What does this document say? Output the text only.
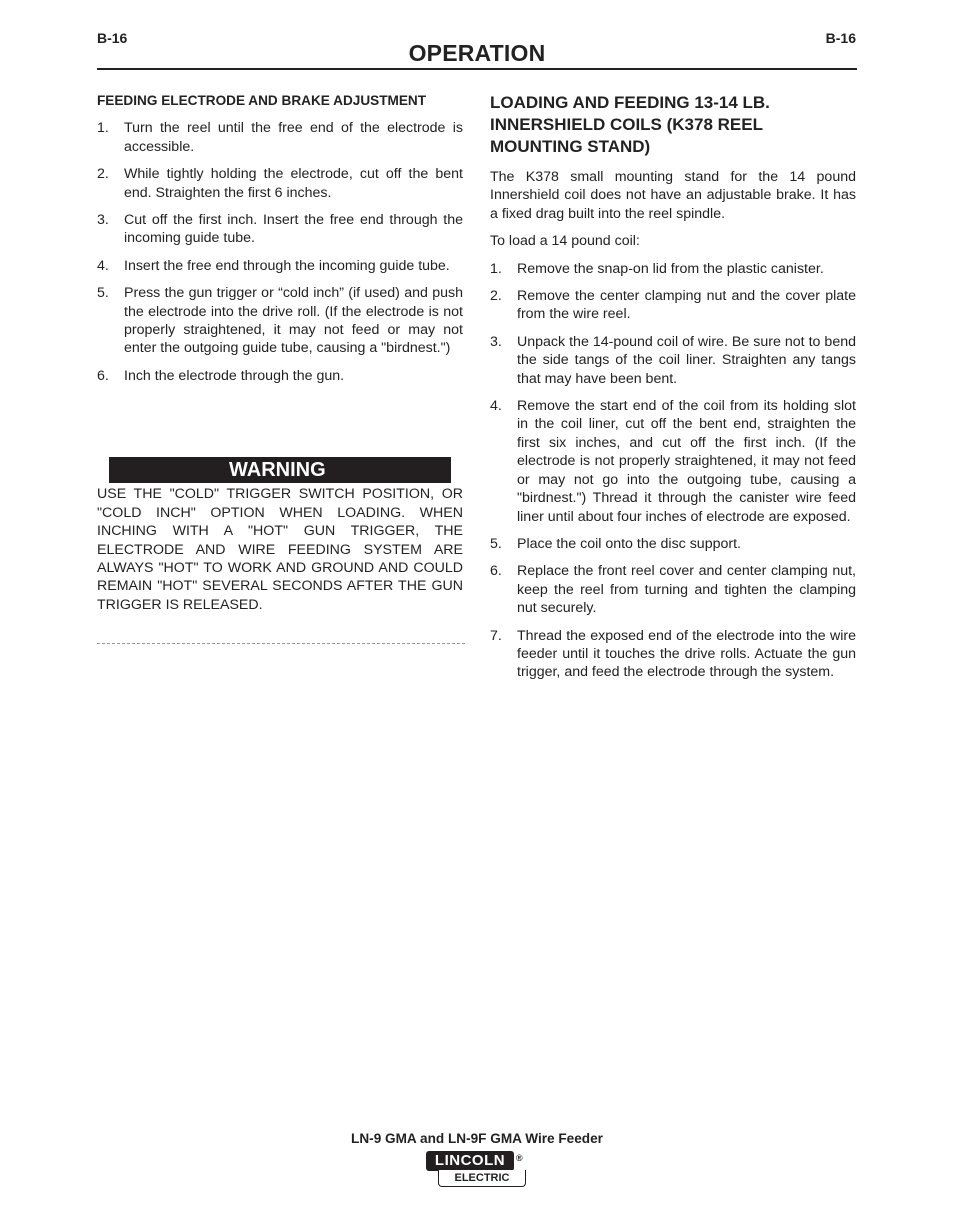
B-16	B-16
OPERATION
FEEDING ELECTRODE AND BRAKE ADJUSTMENT
1.	Turn the reel until the free end of the electrode is accessible.
2.	While tightly holding the electrode, cut off the bent end. Straighten the first 6 inches.
3.	Cut off the first inch. Insert the free end through the incoming guide tube.
4.	Insert the free end through the incoming guide tube.
5.	Press the gun trigger or “cold inch” (if used) and push the electrode into the drive roll. (If the electrode is not properly straightened, it may not feed or may not enter the outgoing guide tube, causing a "birdnest.")
6.	Inch the electrode through the gun.
WARNING
USE THE "COLD" TRIGGER SWITCH POSITION, OR "COLD INCH" OPTION WHEN LOADING. WHEN INCHING WITH A "HOT" GUN TRIGGER, THE ELECTRODE AND WIRE FEEDING SYSTEM ARE ALWAYS "HOT" TO WORK AND GROUND AND COULD REMAIN "HOT" SEVERAL SECONDS AFTER THE GUN TRIGGER IS RELEASED.
LOADING AND FEEDING 13-14 LB. INNERSHIELD COILS (K378 REEL MOUNTING STAND)

The K378 small mounting stand for the 14 pound Innershield coil does not have an adjustable brake. It has a fixed drag built into the reel spindle.

To load a 14 pound coil:

1.	Remove the snap-on lid from the plastic canister.
2.	Remove the center clamping nut and the cover plate from the wire reel.
3.	Unpack the 14-pound coil of wire. Be sure not to bend the side tangs of the coil liner. Straighten any tangs that may have been bent.
4.	Remove the start end of the coil from its holding slot in the coil liner, cut off the bent end, straighten the first six inches, and cut off the first inch. (If the electrode is not properly straightened, it may not feed or may not go into the outgoing tube, causing a "birdnest.") Thread it through the canister wire feed liner until about four inches of electrode are exposed.
5.	Place the coil onto the disc support.
6.	Replace the front reel cover and center clamping nut, keep the reel from turning and tighten the clamping nut securely.
7.	Thread the exposed end of the electrode into the wire feeder until it touches the drive rolls. Actuate the gun trigger, and feed the electrode through the system.
LN-9 GMA and LN-9F GMA Wire Feeder
LINCOLN	®
ELECTRIC
